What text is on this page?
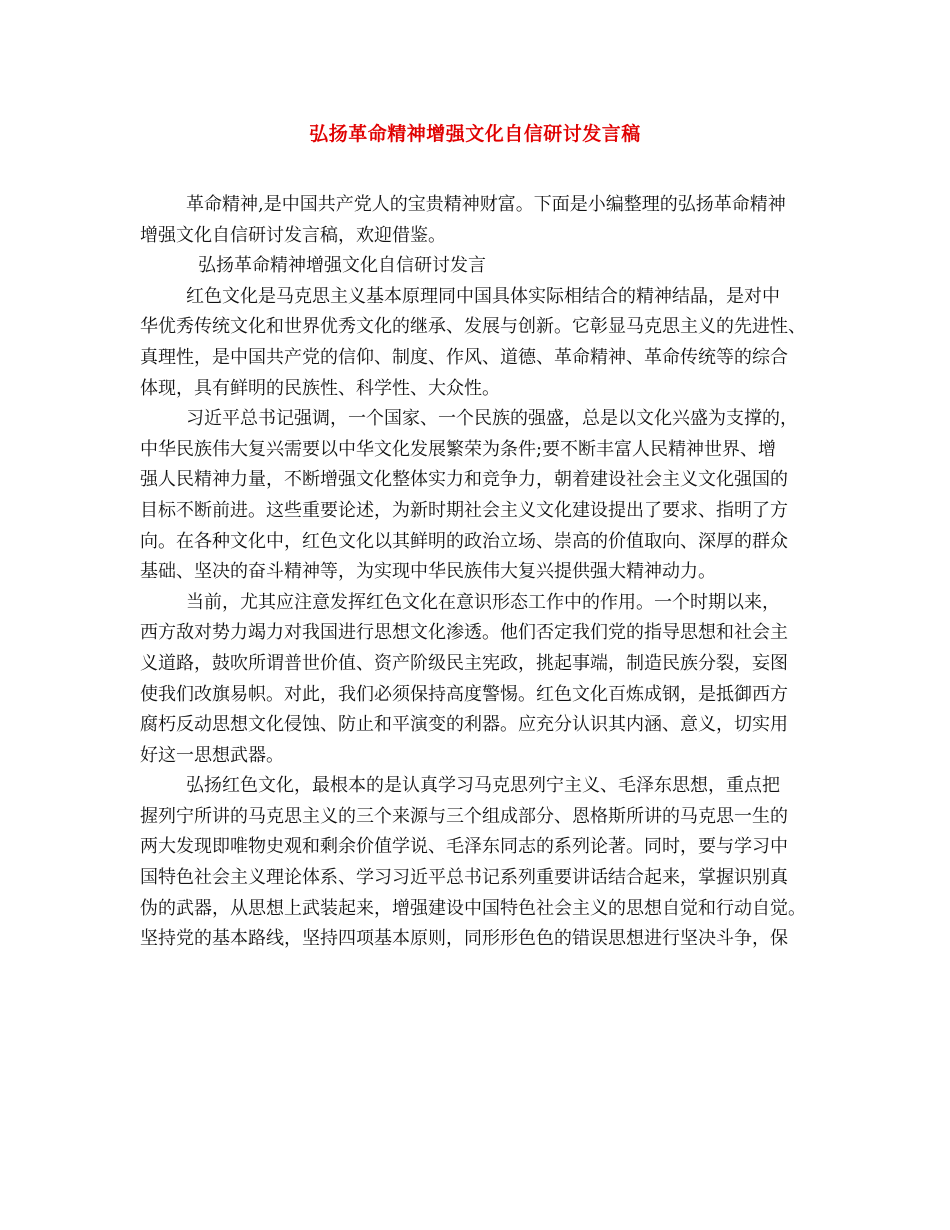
弘扬革命精神增强文化自信研讨发言稿
革命精神,是中国共产党人的宝贵精神财富。下面是小编整理的弘扬革命精神
增强文化自信研讨发言稿，欢迎借鉴。
弘扬革命精神增强文化自信研讨发言
红色文化是马克思主义基本原理同中国具体实际相结合的精神结晶，是对中
华优秀传统文化和世界优秀文化的继承、发展与创新。它彰显马克思主义的先进性、
真理性，是中国共产党的信仰、制度、作风、道德、革命精神、革命传统等的综合
体现，具有鲜明的民族性、科学性、大众性。
习近平总书记强调，一个国家、一个民族的强盛，总是以文化兴盛为支撑的，
中华民族伟大复兴需要以中华文化发展繁荣为条件;要不断丰富人民精神世界、增
强人民精神力量，不断增强文化整体实力和竞争力，朝着建设社会主义文化强国的
目标不断前进。这些重要论述，为新时期社会主义文化建设提出了要求、指明了方
向。在各种文化中，红色文化以其鲜明的政治立场、崇高的价值取向、深厚的群众
基础、坚决的奋斗精神等，为实现中华民族伟大复兴提供强大精神动力。
当前，尤其应注意发挥红色文化在意识形态工作中的作用。一个时期以来，
西方敌对势力竭力对我国进行思想文化渗透。他们否定我们党的指导思想和社会主
义道路，鼓吹所谓普世价值、资产阶级民主宪政，挑起事端，制造民族分裂，妄图
使我们改旗易帜。对此，我们必须保持高度警惕。红色文化百炼成钢，是抵御西方
腐朽反动思想文化侵蚀、防止和平演变的利器。应充分认识其内涵、意义，切实用
好这一思想武器。
弘扬红色文化，最根本的是认真学习马克思列宁主义、毛泽东思想，重点把
握列宁所讲的马克思主义的三个来源与三个组成部分、恩格斯所讲的马克思一生的
两大发现即唯物史观和剩余价值学说、毛泽东同志的系列论著。同时，要与学习中
国特色社会主义理论体系、学习习近平总书记系列重要讲话结合起来，掌握识别真
伪的武器，从思想上武装起来，增强建设中国特色社会主义的思想自觉和行动自觉。
坚持党的基本路线，坚持四项基本原则，同形形色色的错误思想进行坚决斗争，保
